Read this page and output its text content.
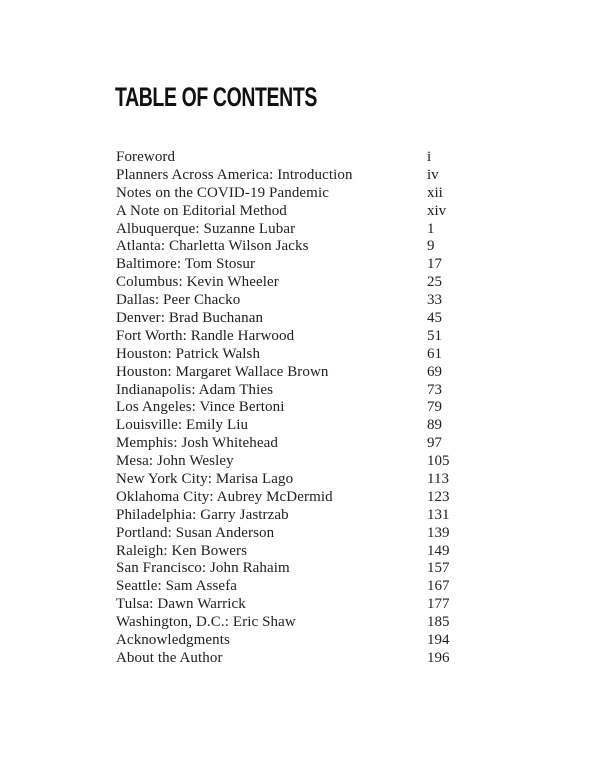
TABLE OF CONTENTS
Foreword	i
Planners Across America: Introduction	iv
Notes on the COVID-19 Pandemic	xii
A Note on Editorial Method	xiv
Albuquerque: Suzanne Lubar	1
Atlanta: Charletta Wilson Jacks	9
Baltimore: Tom Stosur	17
Columbus: Kevin Wheeler	25
Dallas: Peer Chacko	33
Denver: Brad Buchanan	45
Fort Worth: Randle Harwood	51
Houston: Patrick Walsh	61
Houston: Margaret Wallace Brown	69
Indianapolis: Adam Thies	73
Los Angeles: Vince Bertoni	79
Louisville: Emily Liu	89
Memphis: Josh Whitehead	97
Mesa: John Wesley	105
New York City: Marisa Lago	113
Oklahoma City: Aubrey McDermid	123
Philadelphia: Garry Jastrzab	131
Portland: Susan Anderson	139
Raleigh: Ken Bowers	149
San Francisco: John Rahaim	157
Seattle: Sam Assefa	167
Tulsa: Dawn Warrick	177
Washington, D.C.: Eric Shaw	185
Acknowledgments	194
About the Author	196
